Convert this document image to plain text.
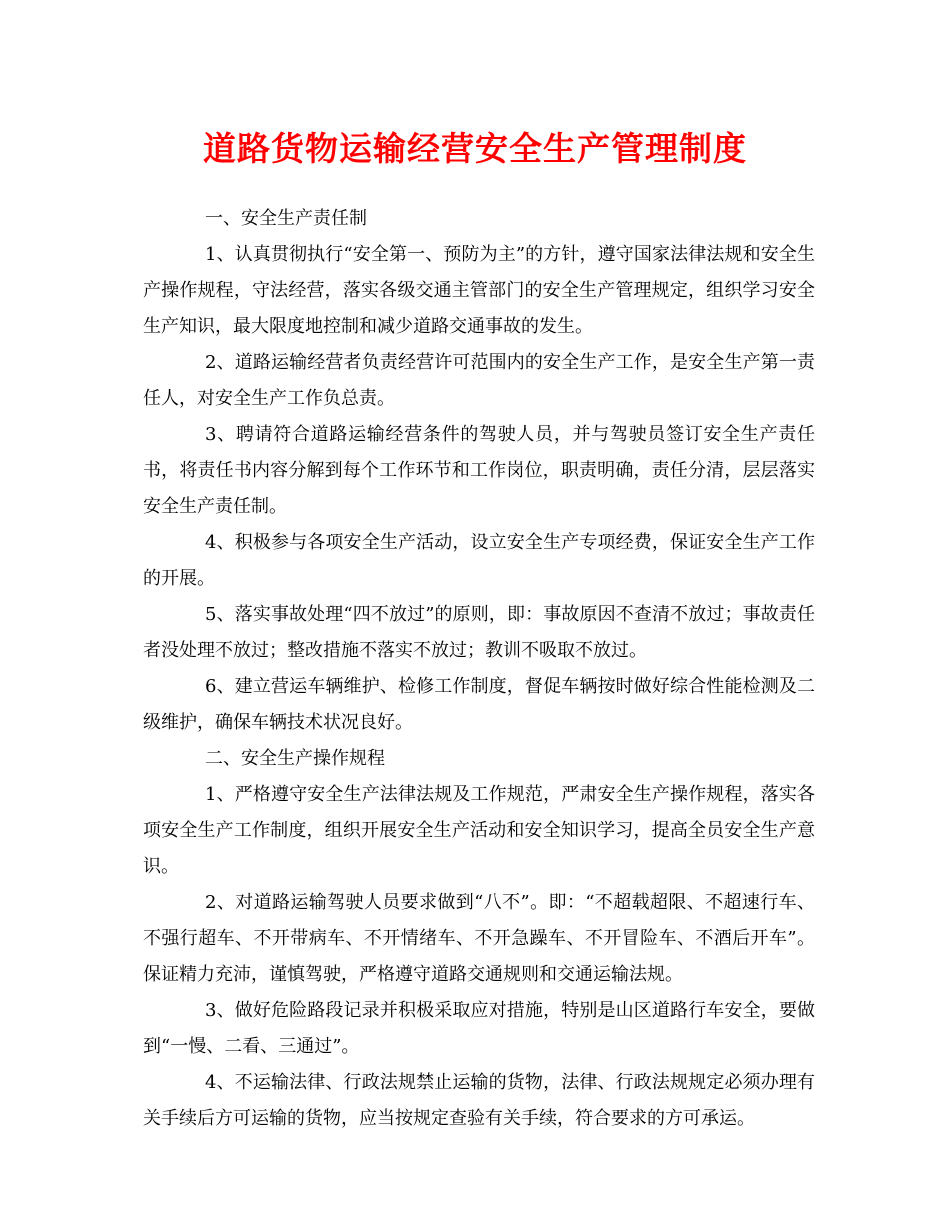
道路货物运输经营安全生产管理制度

一、安全生产责任制

1、认真贯彻执行“安全第一、预防为主”的方针，遵守国家法律法规和安全生产操作规程，守法经营，落实各级交通主管部门的安全生产管理规定，组织学习安全生产知识，最大限度地控制和减少道路交通事故的发生。

2、道路运输经营者负责经营许可范围内的安全生产工作，是安全生产第一责任人，对安全生产工作负总责。

3、聘请符合道路运输经营条件的驾驶人员，并与驾驶员签订安全生产责任书，将责任书内容分解到每个工作环节和工作岗位，职责明确，责任分清，层层落实安全生产责任制。

4、积极参与各项安全生产活动，设立安全生产专项经费，保证安全生产工作的开展。

5、落实事故处理“四不放过”的原则，即：事故原因不查清不放过；事故责任者没处理不放过；整改措施不落实不放过；教训不吸取不放过。

6、建立营运车辆维护、检修工作制度，督促车辆按时做好综合性能检测及二级维护，确保车辆技术状况良好。

二、安全生产操作规程

1、严格遵守安全生产法律法规及工作规范，严肃安全生产操作规程，落实各项安全生产工作制度，组织开展安全生产活动和安全知识学习，提高全员安全生产意识。

2、对道路运输驾驶人员要求做到“八不”。即：“不超载超限、不超速行车、不强行超车、不开带病车、不开情绪车、不开急躁车、不开冒险车、不酒后开车”。保证精力充沛，谨慎驾驶，严格遵守道路交通规则和交通运输法规。

3、做好危险路段记录并积极采取应对措施，特别是山区道路行车安全，要做到“一慢、二看、三通过”。

4、不运输法律、行政法规禁止运输的货物，法律、行政法规规定必须办理有关手续后方可运输的货物，应当按规定查验有关手续，符合要求的方可承运。
